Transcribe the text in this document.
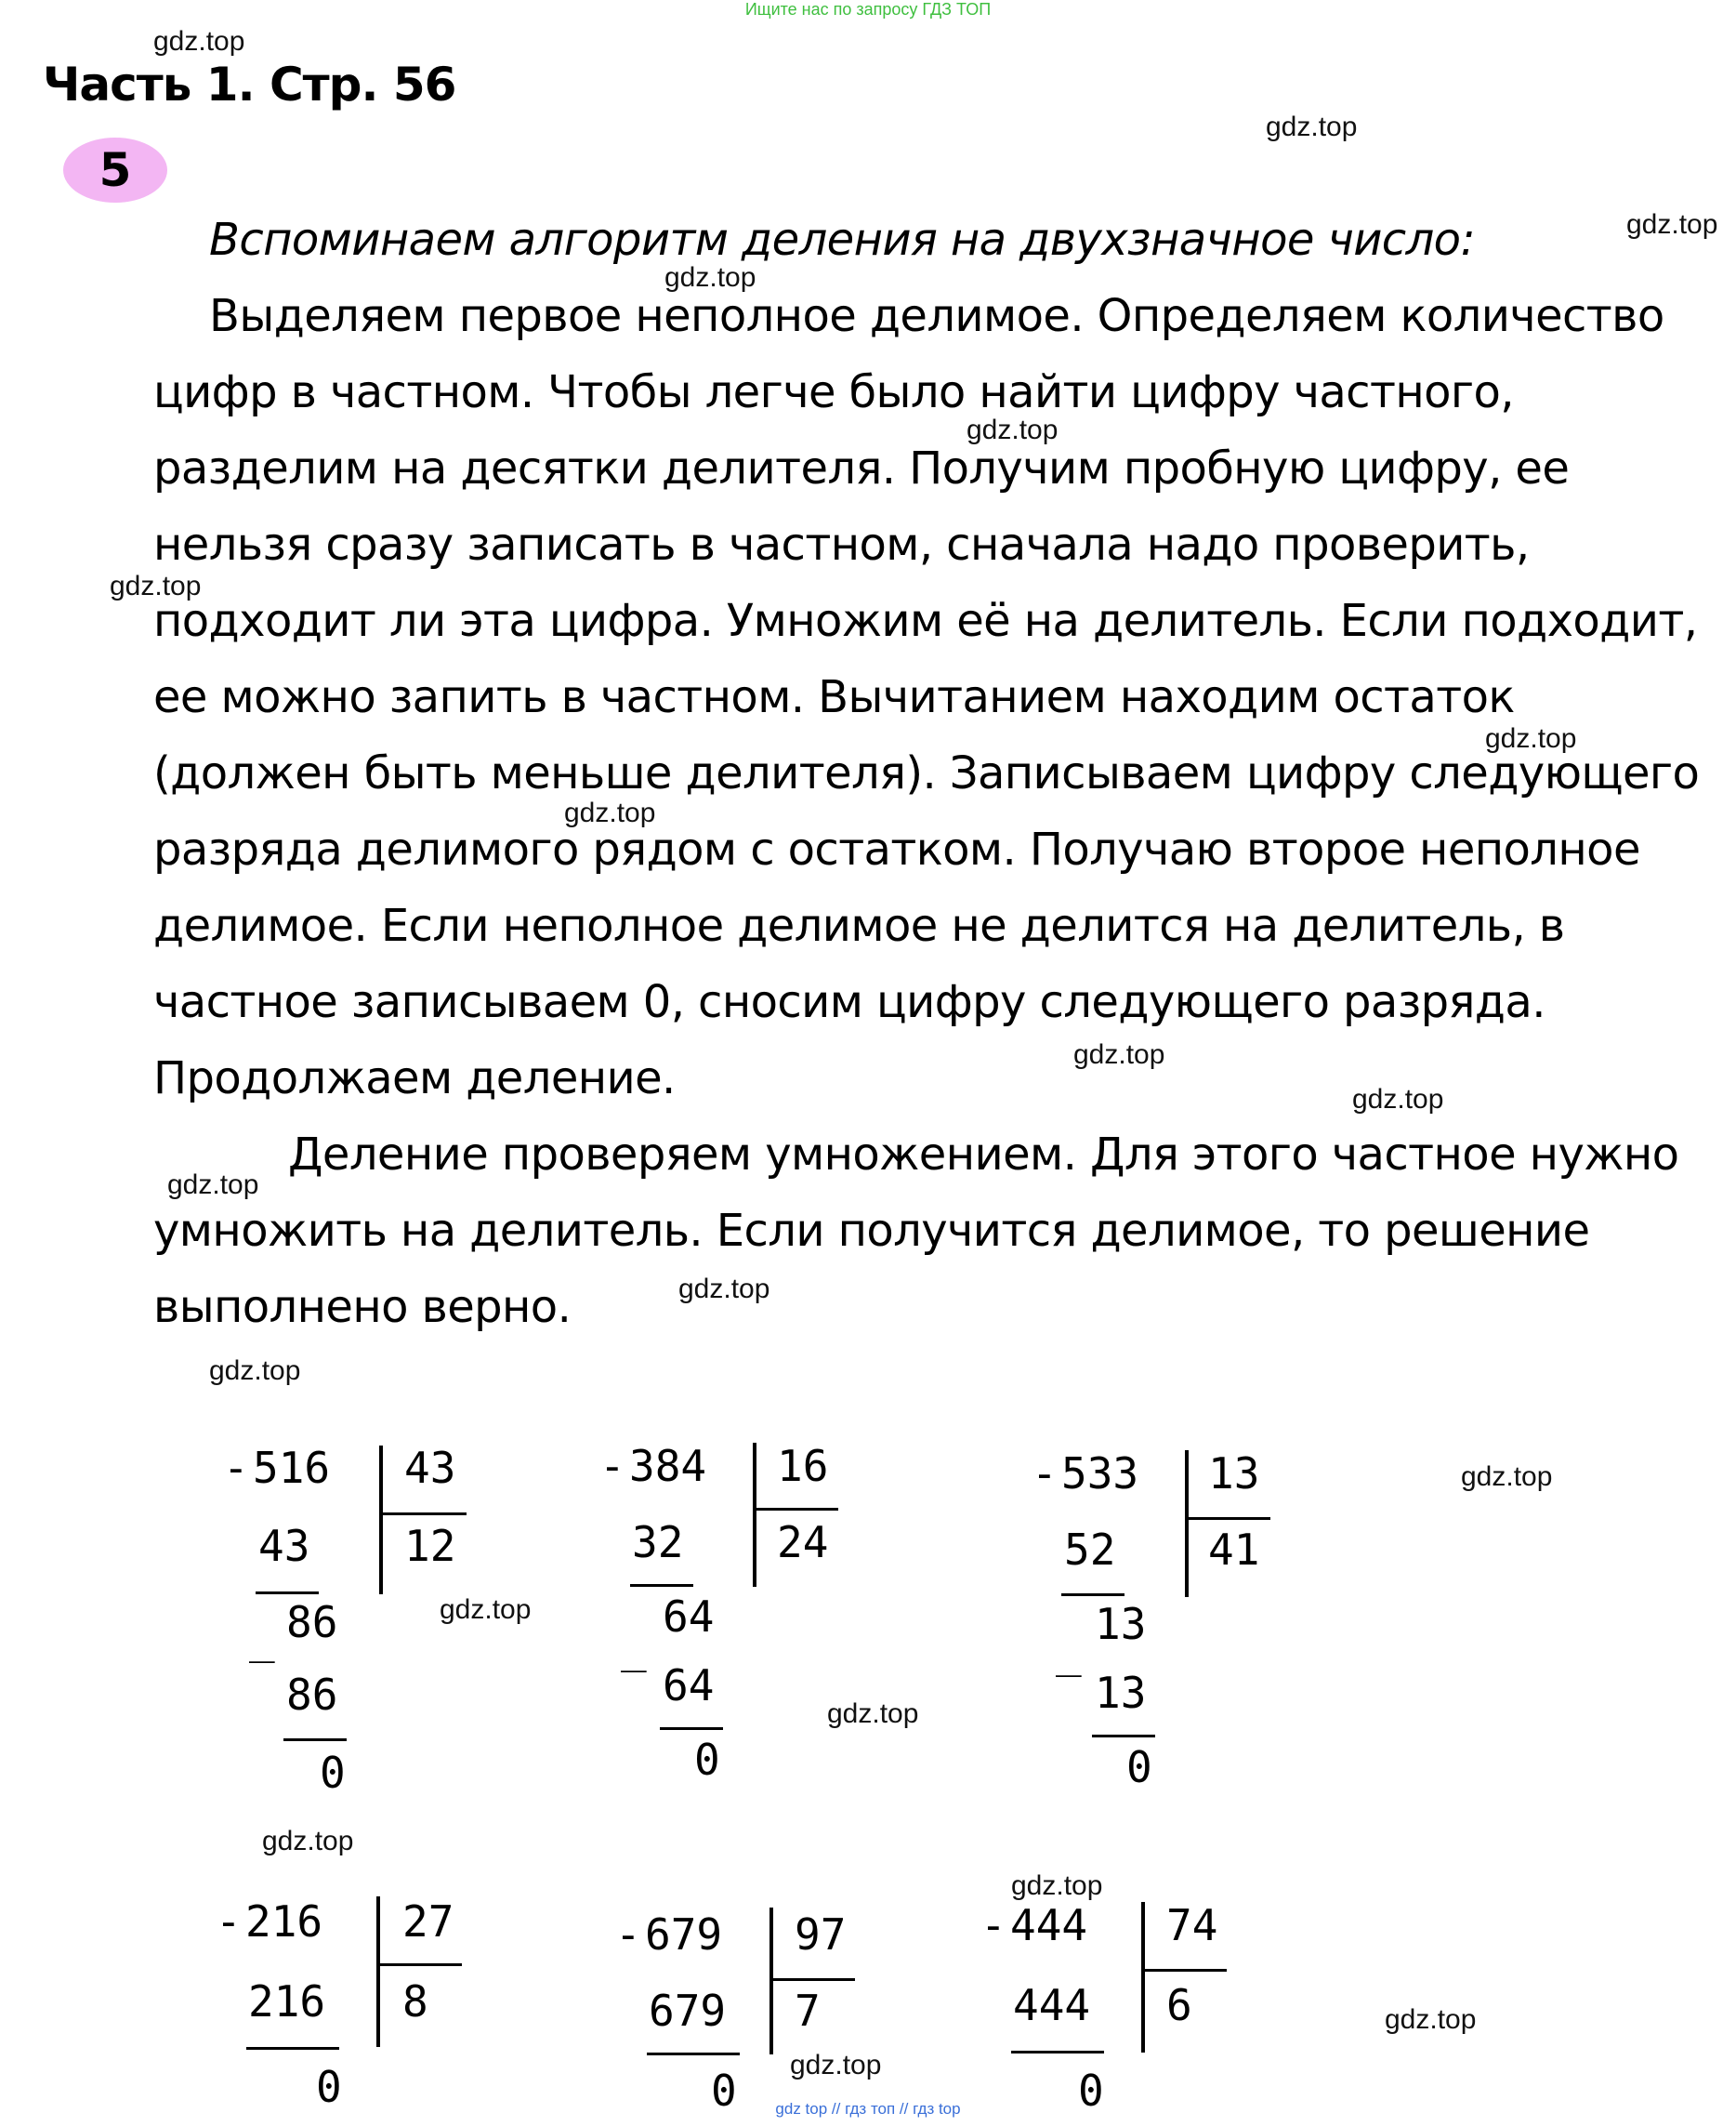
Ищите нас по запросу ГДЗ ТОП
Часть 1. Стр. 56
5
gdz.top
gdz.top
gdz.top
gdz.top
gdz.top
gdz.top
gdz.top
gdz.top
gdz.top
gdz.top
gdz.top
gdz.top
gdz.top
gdz.top
gdz.top
gdz.top
gdz.top
gdz.top
gdz.top
gdz.top
Вспоминаем алгоритм деления на двухзначное число:
Выделяем первое неполное делимое. Определяем количество
цифр в частном. Чтобы легче было найти цифру частного,
разделим на десятки делителя. Получим пробную цифру, ее
нельзя сразу записать в частном, сначала надо проверить,
подходит ли эта цифра. Умножим её на делитель. Если подходит,
ее можно запить в частном. Вычитанием находим остаток
(должен быть меньше делителя). Записываем цифру следующего
разряда делимого рядом с остатком. Получаю второе неполное
делимое. Если неполное делимое не делится на делитель, в
частное записываем 0, сносим цифру следующего разряда.
Продолжаем деление.
Деление проверяем умножением. Для этого частное нужно
умножить на делитель. Если получится делимое, то решение
выполнено верно.
- 516 43
12
43
_ 86
86
0
- 384 16
24
32
_
64
64
0
- 533 13
41
52
_
13
13
0
- 216 27
8
216
0
- 679 97
7
679
0
- 444 74
6
444
0
gdz top // гдз топ // гдз top
